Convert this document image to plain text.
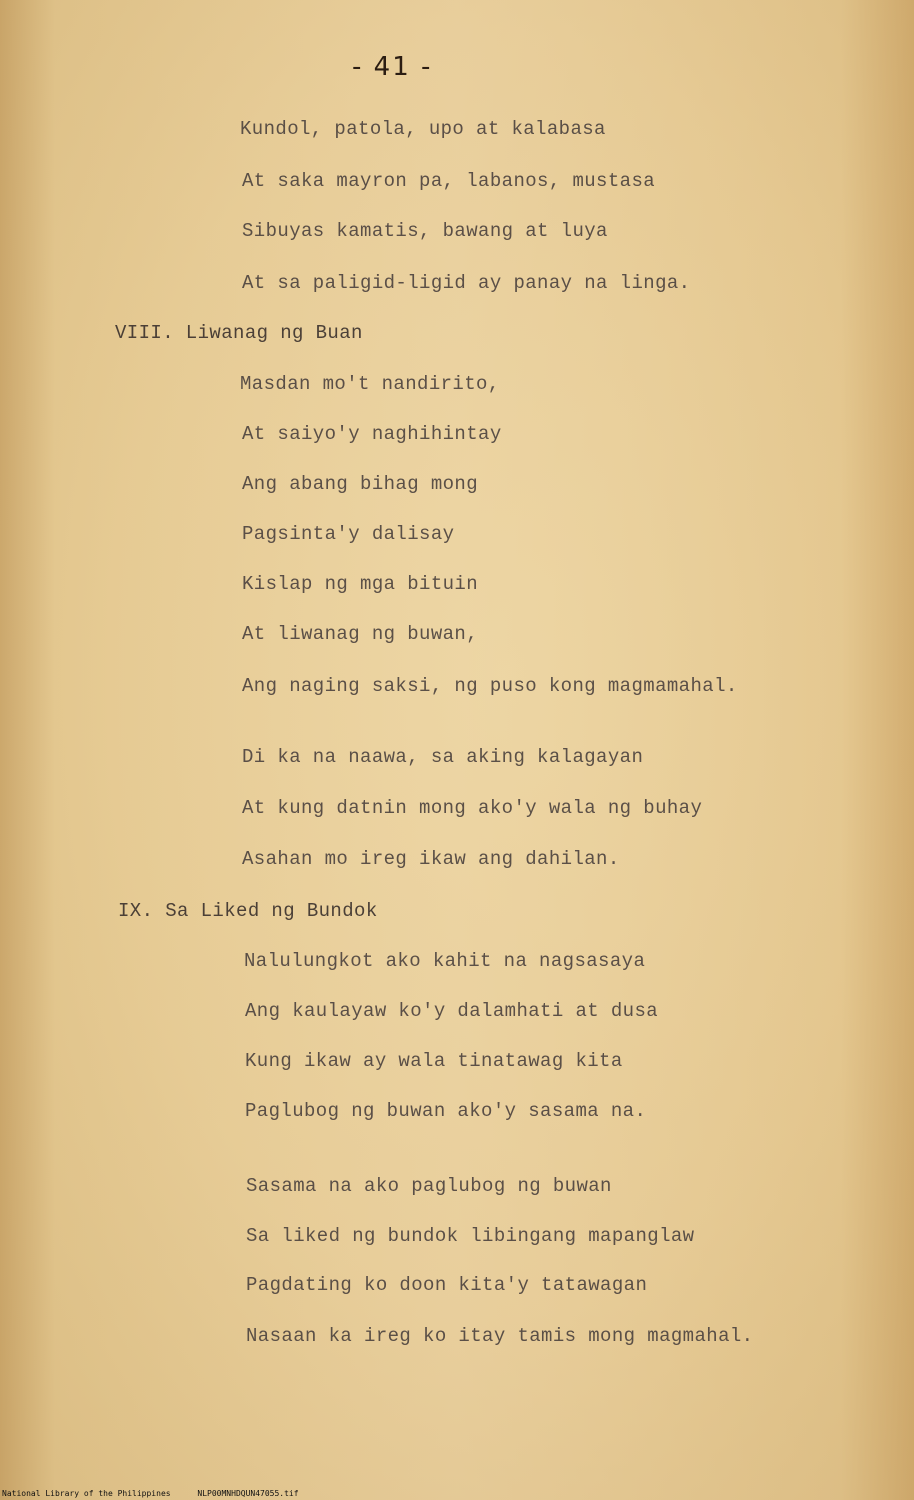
- 41 -
Kundol, patola, upo at kalabasa
At saka mayron pa, labanos, mustasa
Sibuyas kamatis, bawang at luya
At sa paligid-ligid ay panay na linga.
VIII. Liwanag ng Buan
Masdan mo't nandirito,
At saiyo'y naghihintay
Ang abang bihag mong
Pagsinta'y dalisay
Kislap ng mga bituin
At liwanag ng buwan,
Ang naging saksi, ng puso kong magmamahal.
Di ka na naawa, sa aking kalagayan
At kung datnin mong ako'y wala ng buhay
Asahan mo ireg ikaw ang dahilan.
IX. Sa Liked ng Bundok
Nalulungkot ako kahit na nagsasaya
Ang kaulayaw ko'y dalamhati at dusa
Kung ikaw ay wala tinatawag kita
Paglubog ng buwan ako'y sasama na.
Sasama na ako paglubog ng buwan
Sa liked ng bundok libingang mapanglaw
Pagdating ko doon kita'y tatawagan
Nasaan ka ireg ko itay tamis mong magmahal.
National Library of the Philippines	NLP00MNHDQUN47055.tif
